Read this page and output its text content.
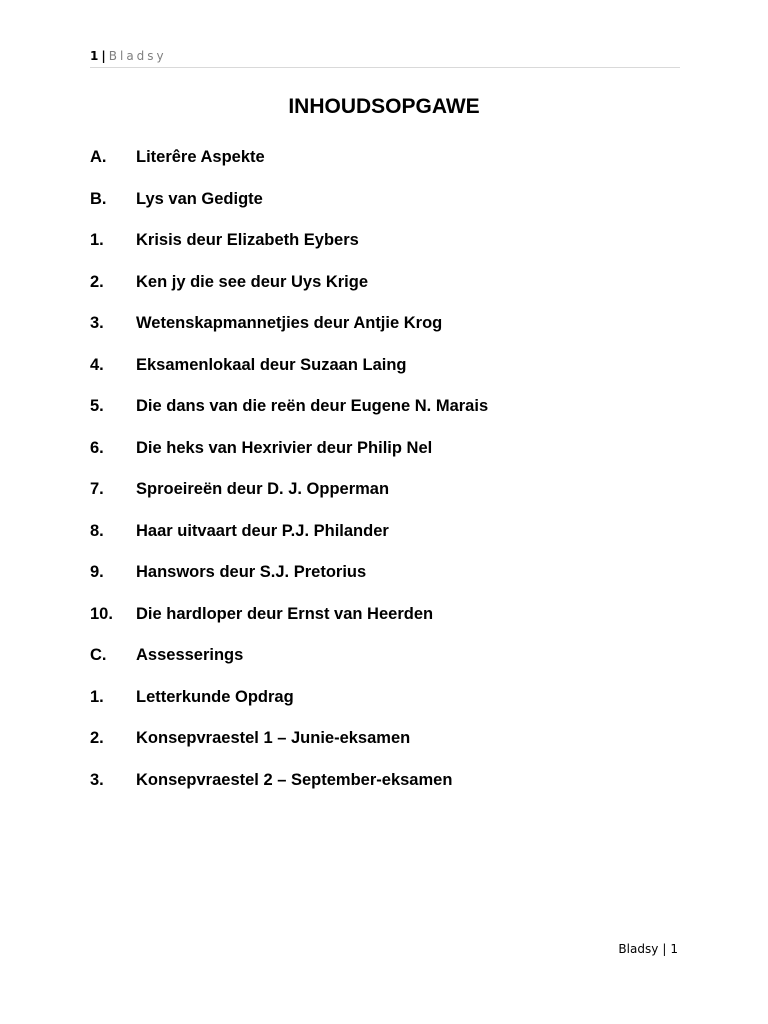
1 | Bladsy
INHOUDSOPGAWE
A.	Literêre Aspekte
B.	Lys van Gedigte
1.	Krisis deur Elizabeth Eybers
2.	Ken jy die see deur Uys Krige
3.	Wetenskapmannetjies deur Antjie Krog
4.	Eksamenlokaal deur Suzaan Laing
5.	Die dans van die reën deur Eugene N. Marais
6.	Die heks van Hexrivier deur Philip Nel
7.	Sproeireën deur D. J. Opperman
8.	Haar uitvaart deur P.J. Philander
9.	Hanswors deur S.J. Pretorius
10.	Die hardloper deur Ernst van Heerden
C.	Assesserings
1.	Letterkunde Opdrag
2.	Konsepvraestel 1 – Junie-eksamen
3.	Konsepvraestel 2 – September-eksamen
Bladsy | 1
